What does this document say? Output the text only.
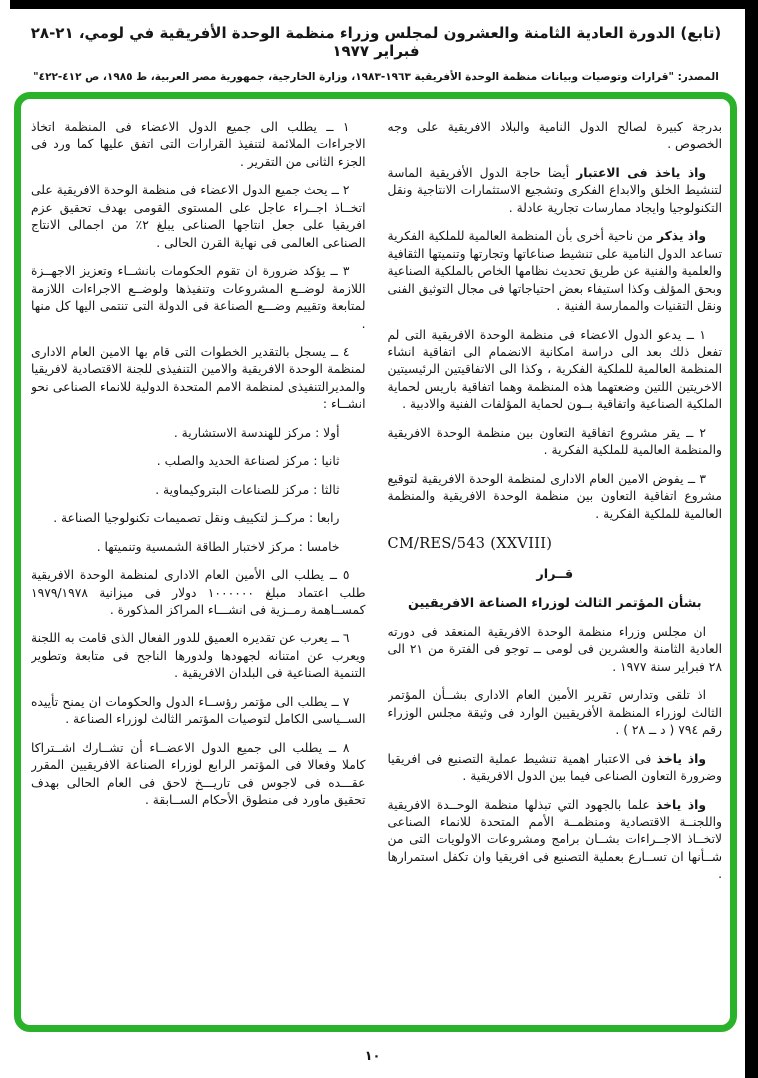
(تابع) الدورة العادية الثامنة والعشرون لمجلس وزراء منظمة الوحدة الأفريقية في لومي، ٢١-٢٨ فبراير ١٩٧٧
المصدر: "قرارات وتوصيات وبيانات منظمة الوحدة الأفريقية ١٩٦٣-١٩٨٣، وزارة الخارجية، جمهورية مصر العربية، ط ١٩٨٥، ص ٤١٢-٤٢٢"

بدرجة كبيرة لصالح الدول النامية والبلاد الافريقية على وجه الخصوص .

واذ ياخذ فى الاعتبار أيضا حاجة الدول الأفريقية الماسة لتنشيط الخلق والابداع الفكرى وتشجيع الاستثمارات الانتاجية ونقل التكنولوجيا وايجاد ممارسات تجارية عادلة .

واذ يذكر من ناحية أخرى بأن المنظمة العالمية للملكية الفكرية تساعد الدول النامية على تنشيط صناعاتها وتجارتها وتنميتها الثقافية والعلمية والفنية عن طريق تحديث نظامها الخاص بالملكية الصناعية وبحق المؤلف وكذا استيفاء بعض احتياجاتها فى مجال التوثيق الفنى ونقل التقنيات والممارسة الفنية .

١ ــ يدعو الدول الاعضاء فى منظمة الوحدة الافريقية التى لم تفعل ذلك بعد الى دراسة امكانية الانضمام الى اتفاقية انشاء المنظمة العالمية للملكية الفكرية ، وكذا الى الاتفاقيتين الرئيسيتين الاخريتين اللتين وضعتهما هذه المنظمة وهما اتفاقية باريس لحماية الملكية الصناعية واتفاقية بــون لحماية المؤلفات الفنية والادبية .

٢ ــ يقر مشروع اتفاقية التعاون بين منظمة الوحدة الافريقية والمنظمة العالمية للملكية الفكرية .

٣ ــ يفوض الامين العام الادارى لمنظمة الوحدة الافريقية لتوقيع مشروع اتفاقية التعاون بين منظمة الوحدة الافريقية والمنظمة العالمية للملكية الفكرية .

CM/RES/543 (XXVIII)

قــرار

بشأن المؤتمر الثالث لوزراء الصناعة الافريقيين

ان مجلس وزراء منظمة الوحدة الافريقية المنعقد فى دورته العادية الثامنة والعشرين فى لومى ــ توجو فى الفترة من ٢١ الى ٢٨ فبراير سنة ١٩٧٧ .

اذ تلقى وتدارس تقرير الأمين العام الادارى بشــأن المؤتمر الثالث لوزراء المنظمة الأفريقيين الوارد فى وثيقة مجلس الوزراء رقم ٧٩٤ ( د ــ ٢٨ ) .

واذ ياخذ فى الاعتبار اهمية تنشيط عملية التصنيع فى افريقيا وضرورة التعاون الصناعى فيما بين الدول الافريقية .

واذ ياخذ علما بالجهود التي تبذلها منظمة الوحــدة الافريقية واللجنــة الاقتصادية ومنظمــة الأمم المتحدة للانماء الصناعى لاتخــاذ الاجــراءات بشــان برامج ومشروعات الاولويات التى من شــأنها ان تســارع بعملية التصنيع فى افريقيا وان تكفل استمرارها .

١ ــ يطلب الى جميع الدول الاعضاء فى المنظمة اتخاذ الاجراءات الملائمة لتنفيذ القرارات التى اتفق عليها كما ورد فى الجزء الثانى من التقرير .

٢ ــ يحث جميع الدول الاعضاء فى منظمة الوحدة الافريقية على اتخــاذ اجــراء عاجل على المستوى القومى بهدف تحقيق عزم افريقيا على جعل انتاجها الصناعى يبلغ ٢٪ من اجمالى الانتاج الصناعى العالمى فى نهاية القرن الحالى .

٣ ــ يؤكد ضرورة ان تقوم الحكومات بانشــاء وتعزيز الاجهــزة اللازمة لوضــع المشروعات وتنفيذها ولوضــع الاجراءات اللازمة لمتابعة وتقييم وضـــع الصناعة فى الدولة التى تنتمى اليها كل منها .

٤ ــ يسجل بالتقدير الخطوات التى قام بها الامين العام الادارى لمنظمة الوحدة الافريقية والامين التنفيذى للجنة الاقتصادية لافريقيا والمديرالتنفيذى لمنظمة الامم المتحدة الدولية للانماء الصناعى نحو انشــاء :

أولا : مركز للهندسة الاستشارية .

ثانيا : مركز لصناعة الحديد والصلب .

ثالثا : مركز للصناعات البتروكيماوية .

رابعا : مركــز لتكييف ونقل تصميمات تكنولوجيا الصناعة .

خامسا : مركز لاختبار الطاقة الشمسية وتنميتها .

٥ ــ يطلب الى الأمين العام الادارى لمنظمة الوحدة الافريقية طلب اعتماد مبلغ ١٠٠٠٠٠٠ دولار فى ميزانية ١٩٧٩/١٩٧٨ كمســاهمة رمــزية فى انشـــاء المراكز المذكورة .

٦ ــ يعرب عن تقديره العميق للدور الفعال الذى قامت به اللجنة ويعرب عن امتنانه لجهودها ولدورها الناجح فى متابعة وتطوير التنمية الصناعية فى البلدان الافريقية .

٧ ــ يطلب الى مؤتمر رؤســاء الدول والحكومات ان يمنح تأييده الســياسى الكامل لتوصيات المؤتمر الثالث لوزراء الصناعة .

٨ ــ يطلب الى جميع الدول الاعضــاء أن تشــارك اشــتراكا كاملا وفعالا فى المؤتمر الرابع لوزراء الصناعة الافريقيين المقرر عقـــده فى لاجوس فى تاريـــخ لاحق فى العام الحالى بهدف تحقيق ماورد فى منطوق الأحكام الســابقة .

١٠
